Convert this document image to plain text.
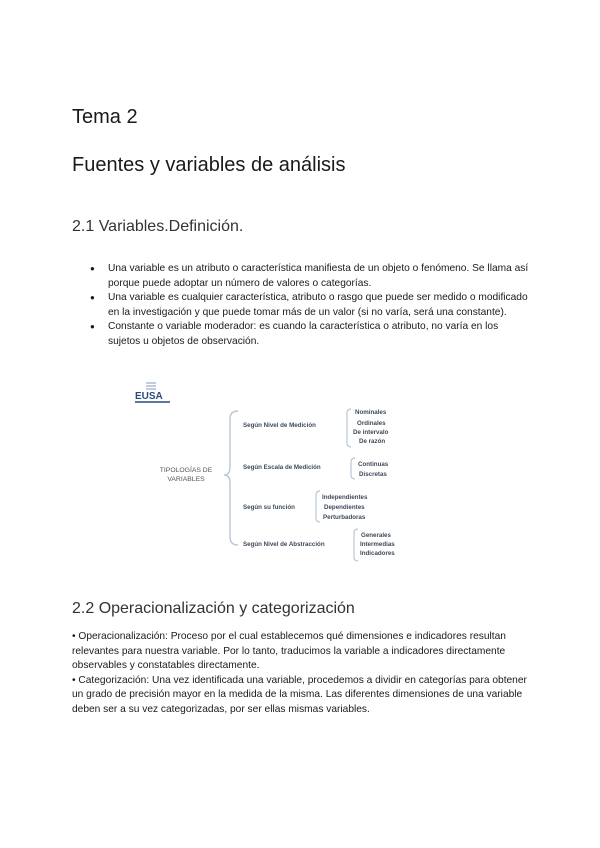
Tema 2
Fuentes y variables de análisis
2.1 Variables.Definición.
● Una variable es un atributo o característica manifiesta de un objeto o fenómeno. Se llama así porque puede adoptar un número de valores o categorías.
● Una variable es cualquier característica, atributo o rasgo que puede ser medido o modificado en la investigación y que puede tomar más de un valor (si no varía, será una constante).
● Constante o variable moderador: es cuando la característica o atributo, no varía en los sujetos u objetos de observación.
EUSA
TIPOLOGÍAS DE
VARIABLES
Según Nivel de Medición
Según Escala de Medición
Según su función
Según Nivel de Abstracción
Nominales
Ordinales
De intervalo
De razón
Continuas
Discretas
Independientes
Dependientes
Perturbadoras
Generales
Intermedias
Indicadores
2.2 Operacionalización y categorización

• Operacionalización: Proceso por el cual establecemos qué dimensiones e indicadores resultan relevantes para nuestra variable. Por lo tanto, traducimos la variable a indicadores directamente observables y constatables directamente.

• Categorización: Una vez identificada una variable, procedemos a dividir en categorías para obtener un grado de precisión mayor en la medida de la misma. Las diferentes dimensiones de una variable deben ser a su vez categorizadas, por ser ellas mismas variables.
